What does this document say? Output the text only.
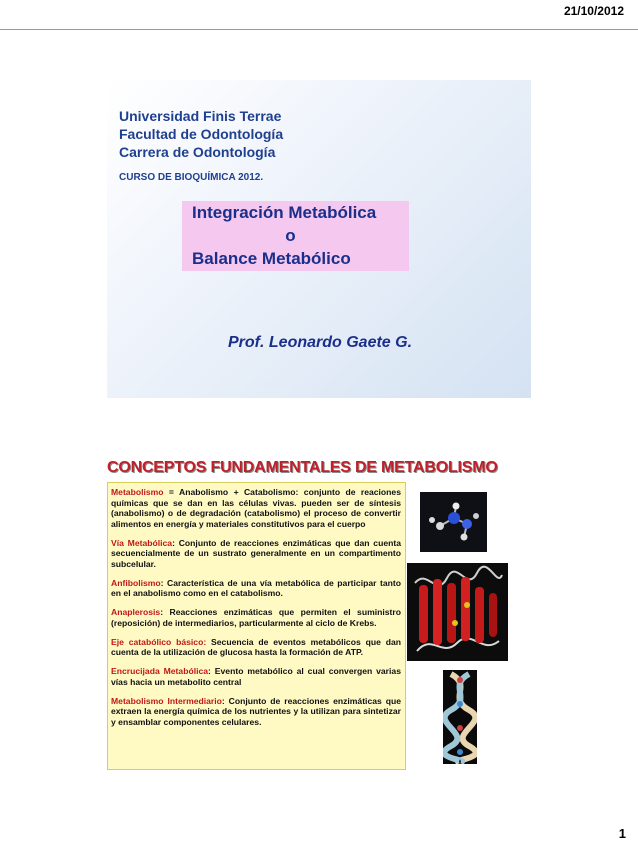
21/10/2012
Universidad Finis Terrae
Facultad de Odontología
Carrera de Odontología
CURSO DE BIOQUÍMICA 2012.
Integración Metabólica
o
Balance Metabólico
Prof. Leonardo Gaete G.
CONCEPTOS FUNDAMENTALES DE METABOLISMO
Metabolismo = Anabolismo + Catabolismo: conjunto de reaciones químicas que se dan en las células vivas. pueden ser de síntesis (anabolismo) o de degradación (catabolismo) el proceso de convertir alimentos en energía y materiales constitutivos para el cuerpo
Vía Metabólica: Conjunto de reacciones enzimáticas que dan cuenta secuencialmente de un sustrato generalmente en un compartimento subcelular.
Anfibolismo: Característica de una vía metabólica de participar tanto en el anabolismo como en el catabolismo.
Anaplerosis: Reacciones enzimáticas que permiten el suministro (reposición) de intermediarios, particularmente al ciclo de Krebs.
Eje catabólico básico: Secuencia de eventos metabólicos que dan cuenta de la utilización de glucosa hasta la formación de ATP.
Encrucijada Metabólica: Evento metabólico al cual convergen varias vías hacia un metabolito central
Metabolismo Intermediario: Conjunto de reacciones enzimáticas que extraen la energía química de los nutrientes y la utilizan para sintetizar y ensamblar componentes celulares.
1
